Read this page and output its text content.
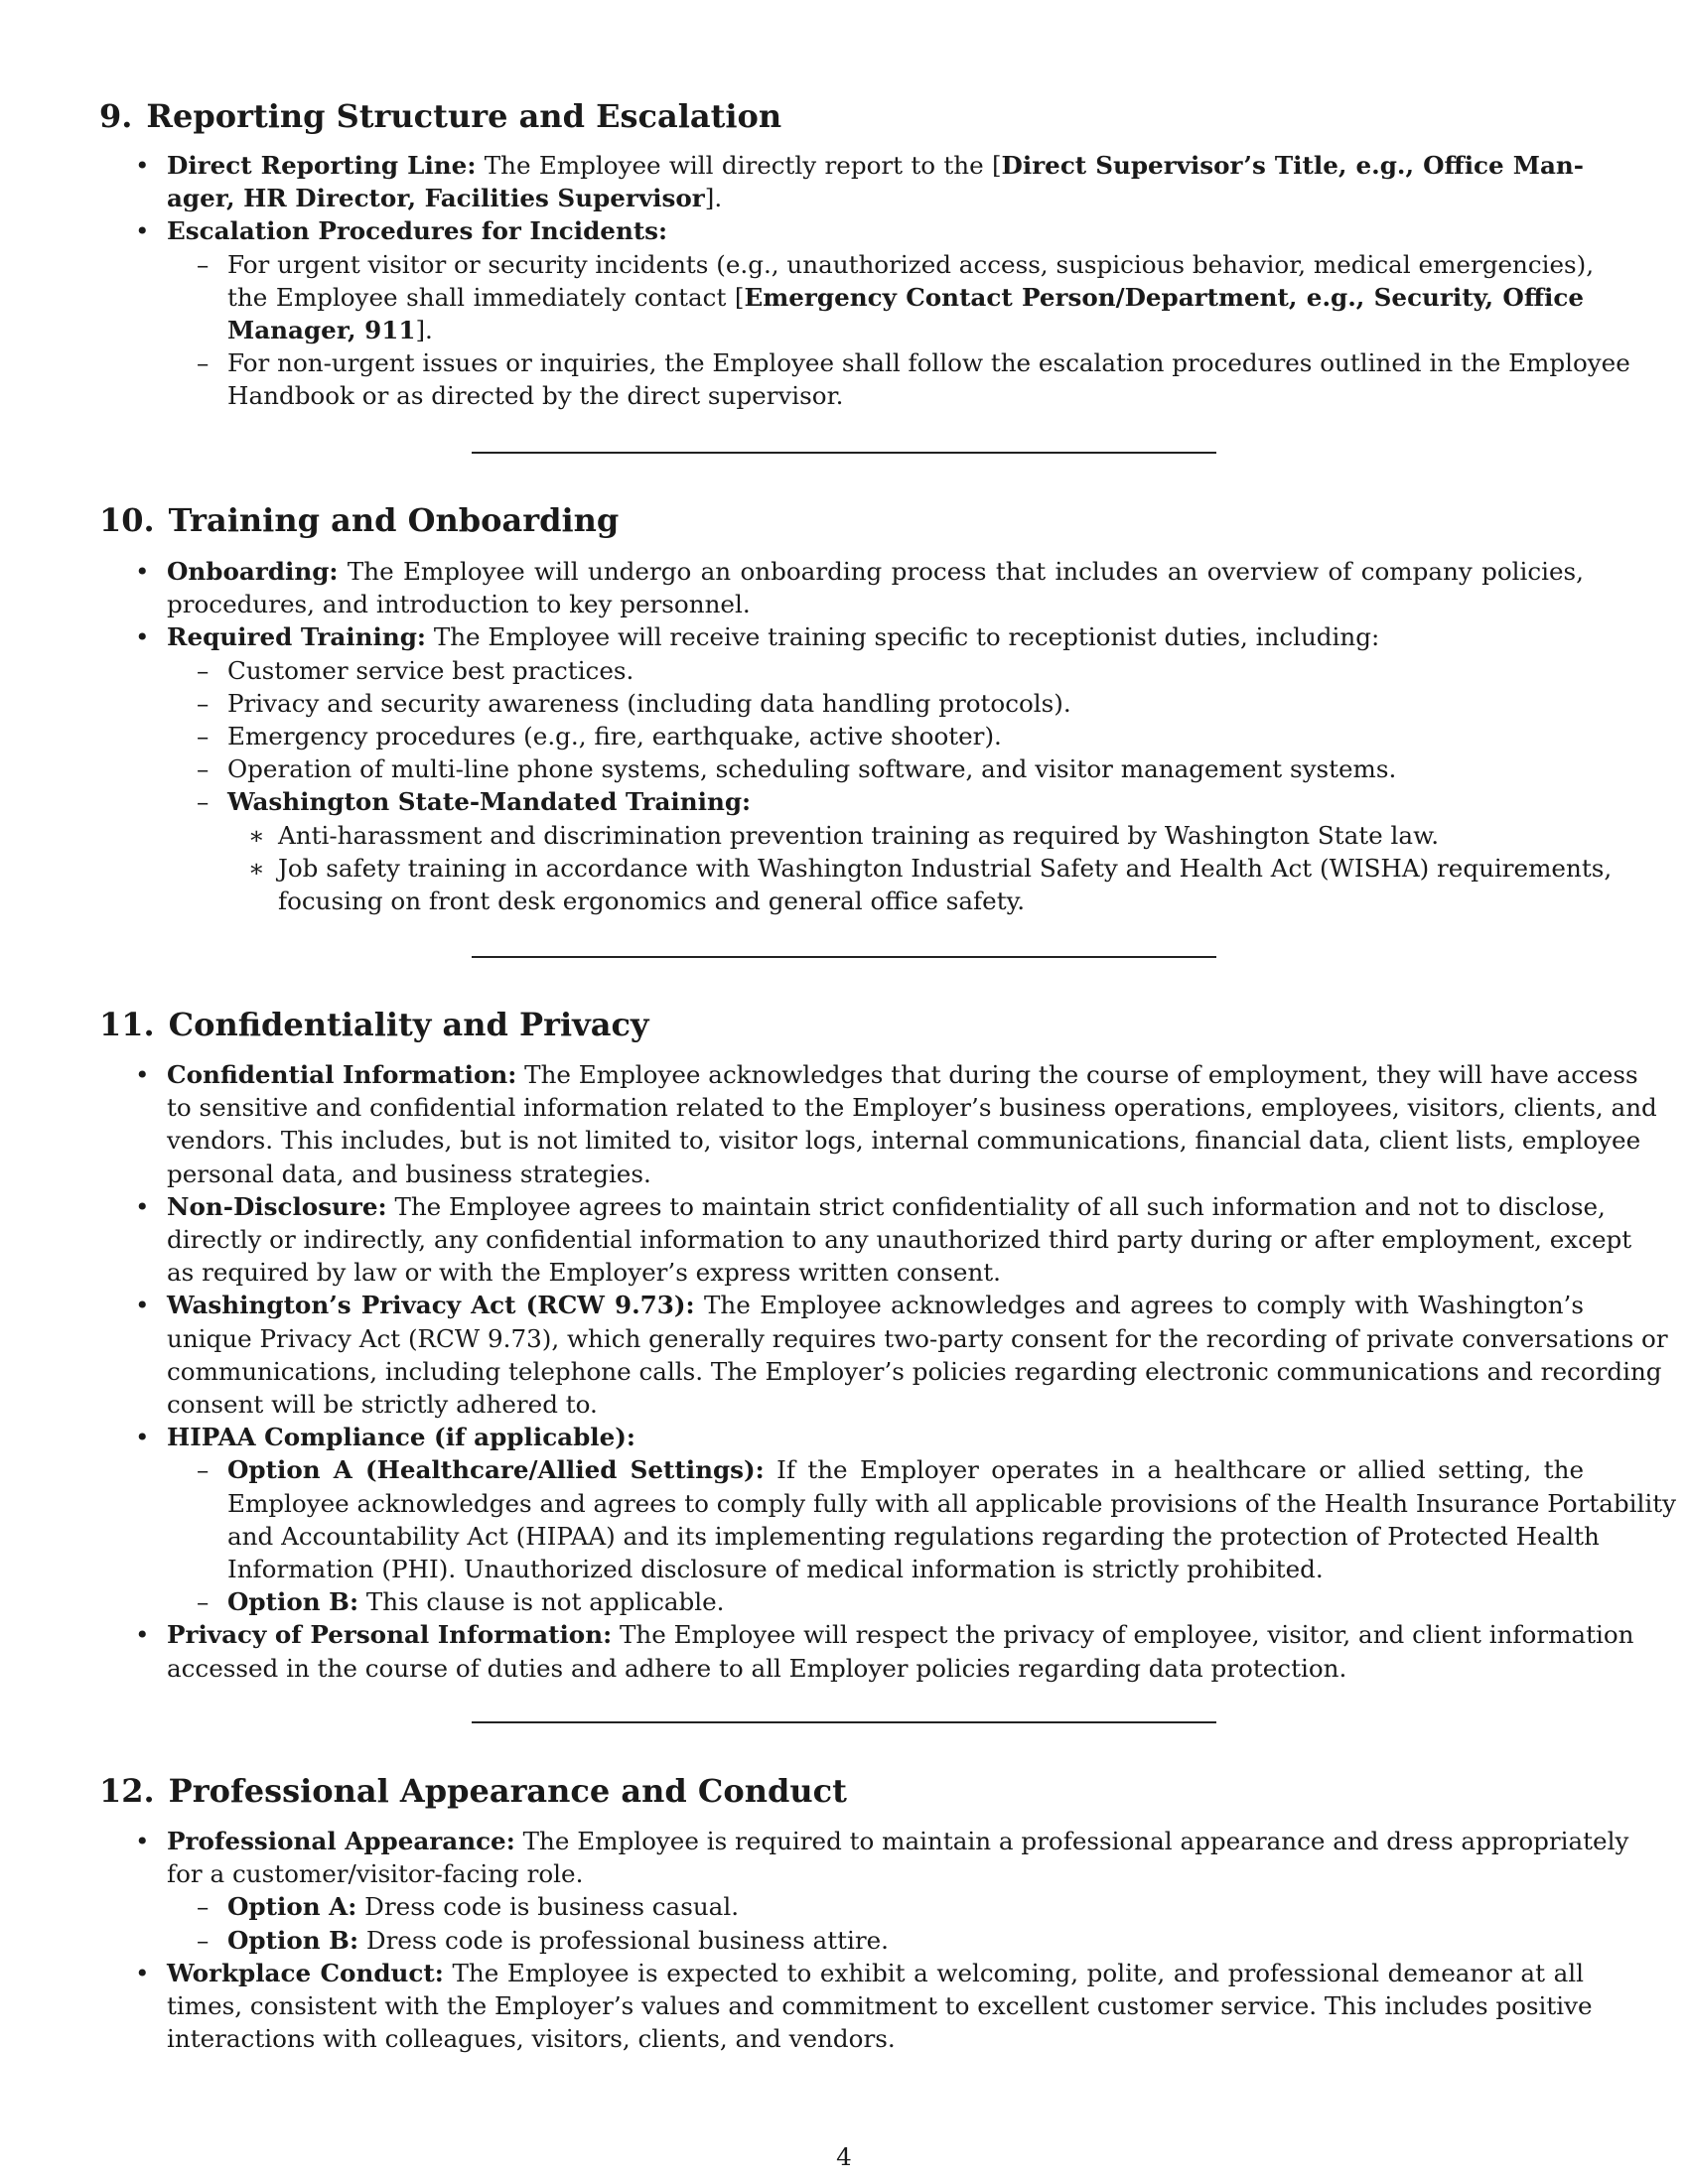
9. Reporting Structure and Escalation
10. Training and Onboarding
11. Confidentiality and Privacy
12. Professional Appearance and Conduct
• Direct Reporting Line: The Employee will directly report to the [Direct Supervisor’s Title, e.g., Office Man-
ager, HR Director, Facilities Supervisor].
• Escalation Procedures for Incidents:
– For urgent visitor or security incidents (e.g., unauthorized access, suspicious behavior, medical emergencies),
the Employee shall immediately contact [Emergency Contact Person/Department, e.g., Security, Office
Manager, 911].
– For non-urgent issues or inquiries, the Employee shall follow the escalation procedures outlined in the Employee
Handbook or as directed by the direct supervisor.
• Onboarding: The Employee will undergo an onboarding process that includes an overview of company policies,
procedures, and introduction to key personnel.
• Required Training: The Employee will receive training specific to receptionist duties, including:
– Customer service best practices.
– Privacy and security awareness (including data handling protocols).
– Emergency procedures (e.g., fire, earthquake, active shooter).
– Operation of multi-line phone systems, scheduling software, and visitor management systems.
– Washington State-Mandated Training:
∗ Anti-harassment and discrimination prevention training as required by Washington State law.
∗ Job safety training in accordance with Washington Industrial Safety and Health Act (WISHA) requirements,
focusing on front desk ergonomics and general office safety.
• Confidential Information: The Employee acknowledges that during the course of employment, they will have access
to sensitive and confidential information related to the Employer’s business operations, employees, visitors, clients, and
vendors. This includes, but is not limited to, visitor logs, internal communications, financial data, client lists, employee
personal data, and business strategies.
• Non-Disclosure: The Employee agrees to maintain strict confidentiality of all such information and not to disclose,
directly or indirectly, any confidential information to any unauthorized third party during or after employment, except
as required by law or with the Employer’s express written consent.
• Washington’s Privacy Act (RCW 9.73): The Employee acknowledges and agrees to comply with Washington’s
unique Privacy Act (RCW 9.73), which generally requires two-party consent for the recording of private conversations or
communications, including telephone calls. The Employer’s policies regarding electronic communications and recording
consent will be strictly adhered to.
• HIPAA Compliance (if applicable):
– Option A (Healthcare/Allied Settings): If the Employer operates in a healthcare or allied setting, the
Employee acknowledges and agrees to comply fully with all applicable provisions of the Health Insurance Portability
and Accountability Act (HIPAA) and its implementing regulations regarding the protection of Protected Health
Information (PHI). Unauthorized disclosure of medical information is strictly prohibited.
– Option B: This clause is not applicable.
• Privacy of Personal Information: The Employee will respect the privacy of employee, visitor, and client information
accessed in the course of duties and adhere to all Employer policies regarding data protection.
• Professional Appearance: The Employee is required to maintain a professional appearance and dress appropriately
for a customer/visitor-facing role.
– Option A: Dress code is business casual.
– Option B: Dress code is professional business attire.
• Workplace Conduct: The Employee is expected to exhibit a welcoming, polite, and professional demeanor at all
times, consistent with the Employer’s values and commitment to excellent customer service. This includes positive
interactions with colleagues, visitors, clients, and vendors.
4
